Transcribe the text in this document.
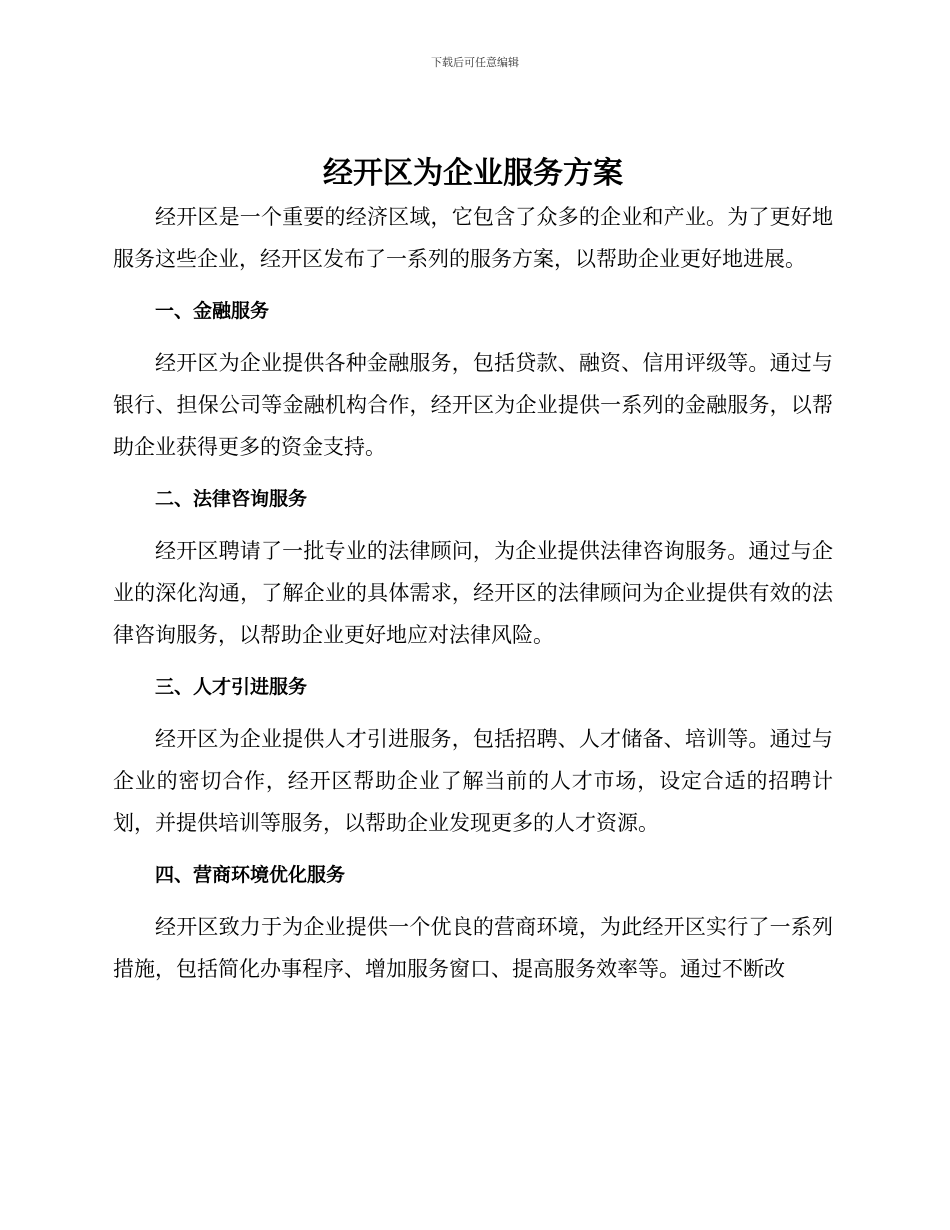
下载后可任意编辑
经开区为企业服务方案

经开区是一个重要的经济区域，它包含了众多的企业和产业。为了更好地服务这些企业，经开区发布了一系列的服务方案，以帮助企业更好地进展。

一、金融服务

经开区为企业提供各种金融服务，包括贷款、融资、信用评级等。通过与银行、担保公司等金融机构合作，经开区为企业提供一系列的金融服务，以帮助企业获得更多的资金支持。

二、法律咨询服务

经开区聘请了一批专业的法律顾问，为企业提供法律咨询服务。通过与企业的深化沟通，了解企业的具体需求，经开区的法律顾问为企业提供有效的法律咨询服务，以帮助企业更好地应对法律风险。

三、人才引进服务

经开区为企业提供人才引进服务，包括招聘、人才储备、培训等。通过与企业的密切合作，经开区帮助企业了解当前的人才市场，设定合适的招聘计划，并提供培训等服务，以帮助企业发现更多的人才资源。

四、营商环境优化服务

经开区致力于为企业提供一个优良的营商环境，为此经开区实行了一系列措施，包括简化办事程序、增加服务窗口、提高服务效率等。通过不断改
